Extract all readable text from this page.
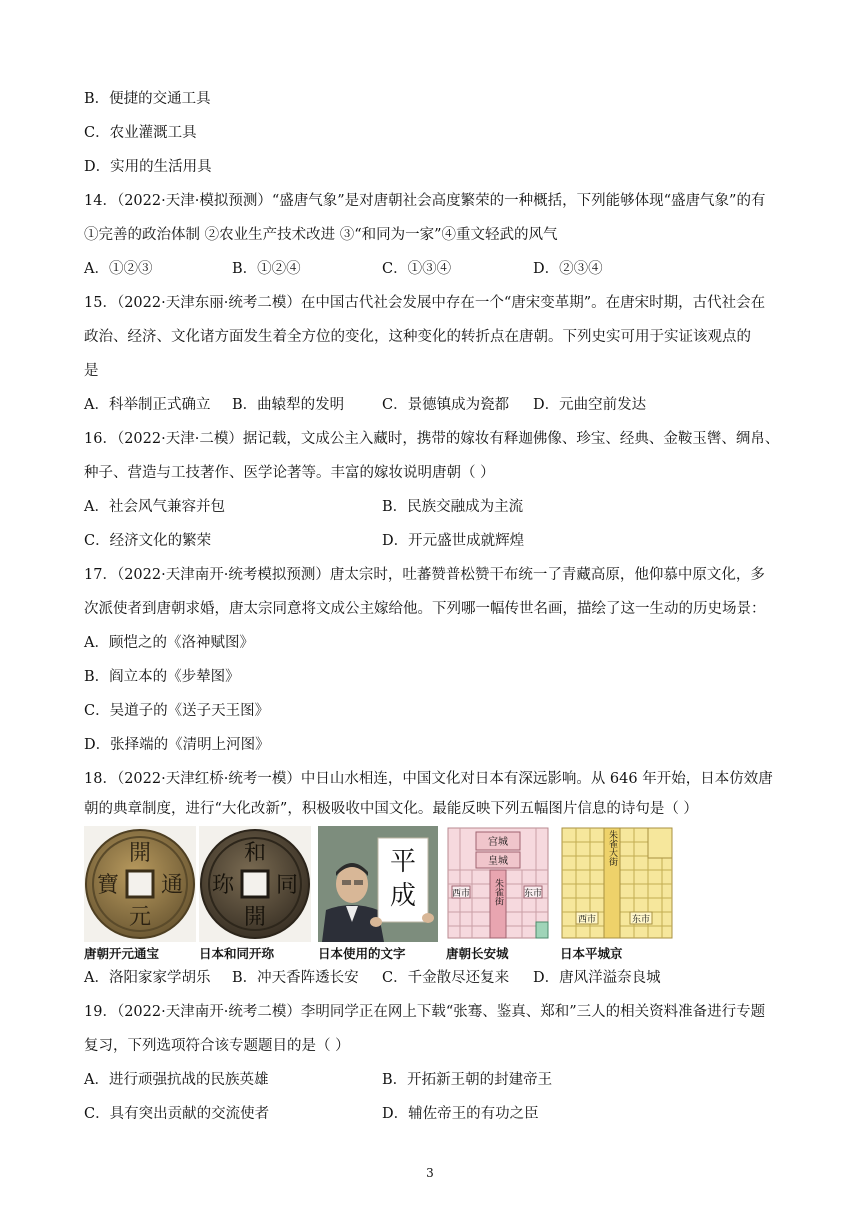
B．便捷的交通工具
C．农业灌溉工具
D．实用的生活用具
14．（2022·天津·模拟预测）“盛唐气象”是对唐朝社会高度繁荣的一种概括，下列能够体现“盛唐气象”的有
①完善的政治体制 ②农业生产技术改进 ③“和同为一家”④重文轻武的风气
A．①②③	B．①②④	C．①③④	D．②③④
15．（2022·天津东丽·统考二模）在中国古代社会发展中存在一个“唐宋变革期”。在唐宋时期，古代社会在
政治、经济、文化诸方面发生着全方位的变化，这种变化的转折点在唐朝。下列史实可用于实证该观点的
是
A．科举制正式确立 B．曲辕犁的发明	C．景德镇成为瓷都 D．元曲空前发达
16．（2022·天津·二模）据记载，文成公主入藏时，携带的嫁妆有释迦佛像、珍宝、经典、金鞍玉辔、绸帛、
种子、营造与工技著作、医学论著等。丰富的嫁妆说明唐朝（ ）
A．社会风气兼容并包	B．民族交融成为主流
C．经济文化的繁荣	D．开元盛世成就辉煌
17．（2022·天津南开·统考模拟预测）唐太宗时，吐蕃赞普松赞干布统一了青藏高原，他仰慕中原文化，多
次派使者到唐朝求婚，唐太宗同意将文成公主嫁给他。下列哪一幅传世名画，描绘了这一生动的历史场景：
A．顾恺之的《洛神赋图》
B．阎立本的《步辇图》
C．吴道子的《送子天王图》
D．张择端的《清明上河图》
18．（2022·天津红桥·统考一模）中日山水相连，中国文化对日本有深远影响。从 646 年开始，日本仿效唐
朝的典章制度，进行“大化改新”，积极吸收中国文化。最能反映下列五幅图片信息的诗句是（ ）
開
元
通
寶
唐朝开元通宝
和
開
同
珎
日本和同开珎
平
成
日本使用的文字
宫城
皇城
朱雀街
西市	东市
唐朝长安城
朱雀大街
西市	东市
日本平城京
A．洛阳家家学胡乐 B．冲天香阵透长安 C．千金散尽还复来 D．唐风洋溢奈良城
19．（2022·天津南开·统考二模）李明同学正在网上下载“张骞、鉴真、郑和”三人的相关资料准备进行专题
复习，下列选项符合该专题题目的是（ ）
A．进行顽强抗战的民族英雄	B．开拓新王朝的封建帝王
C．具有突出贡献的交流使者	D．辅佐帝王的有功之臣
3
